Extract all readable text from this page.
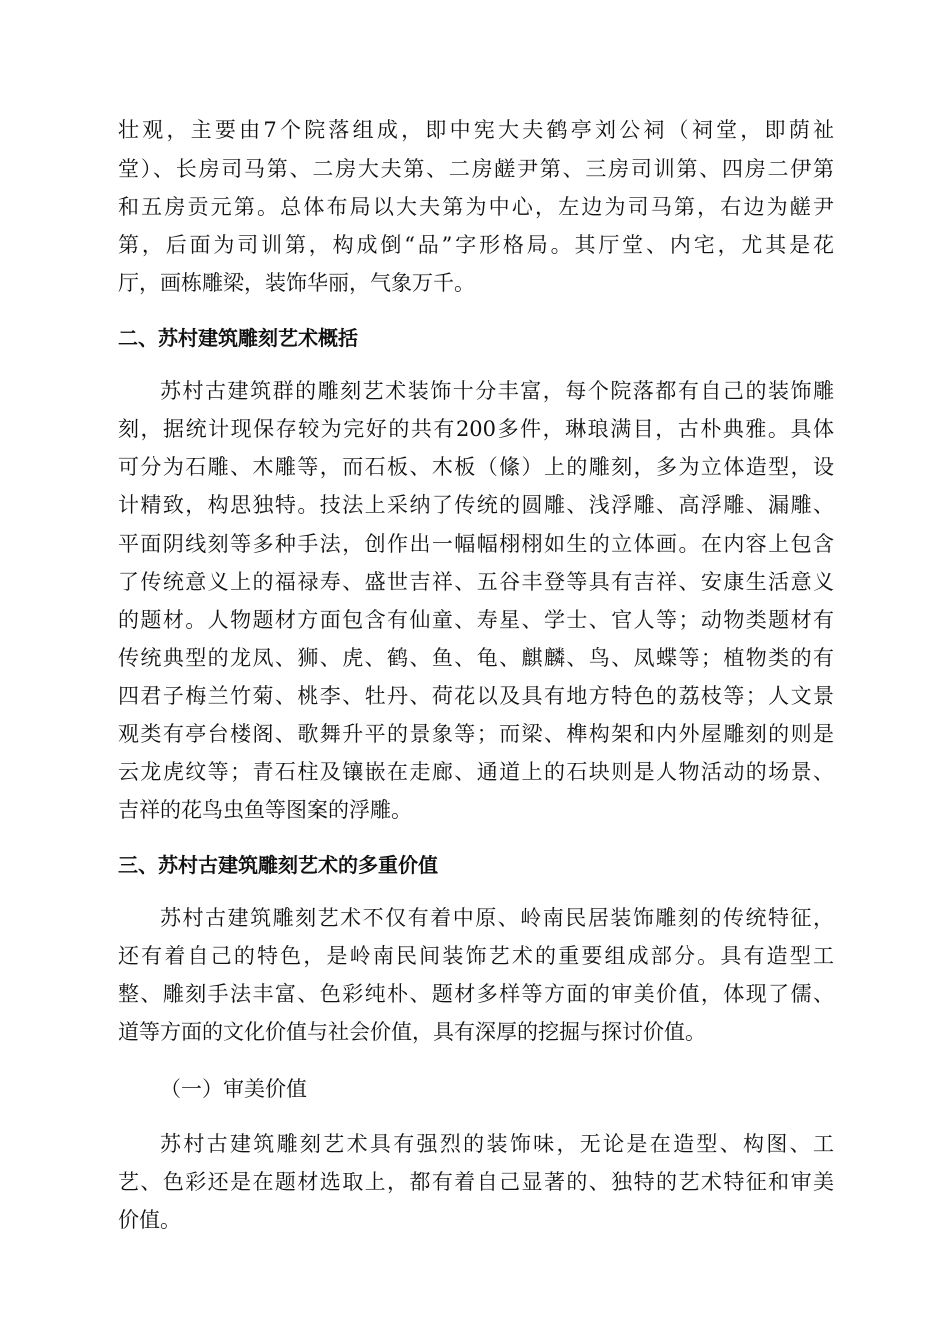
壮观，主要由7个院落组成，即中宪大夫鹤亭刘公祠（祠堂，即荫祉
堂）、长房司马第、二房大夫第、二房鹾尹第、三房司训第、四房二伊第
和五房贡元第。总体布局以大夫第为中心，左边为司马第，右边为鹾尹
第，后面为司训第，构成倒“品”字形格局。其厅堂、内宅，尤其是花
厅，画栋雕梁，装饰华丽，气象万千。
二、苏村建筑雕刻艺术概括
苏村古建筑群的雕刻艺术装饰十分丰富，每个院落都有自己的装饰雕
刻，据统计现保存较为完好的共有200多件，琳琅满目，古朴典雅。具体
可分为石雕、木雕等，而石板、木板（絛）上的雕刻，多为立体造型，设
计精致，构思独特。技法上采纳了传统的圆雕、浅浮雕、高浮雕、漏雕、
平面阴线刻等多种手法，创作出一幅幅栩栩如生的立体画。在内容上包含
了传统意义上的福禄寿、盛世吉祥、五谷丰登等具有吉祥、安康生活意义
的题材。人物题材方面包含有仙童、寿星、学士、官人等；动物类题材有
传统典型的龙凤、狮、虎、鹤、鱼、龟、麒麟、鸟、凤蝶等；植物类的有
四君子梅兰竹菊、桃李、牡丹、荷花以及具有地方特色的荔枝等；人文景
观类有亭台楼阁、歌舞升平的景象等；而梁、榫构架和内外屋雕刻的则是
云龙虎纹等；青石柱及镶嵌在走廊、通道上的石块则是人物活动的场景、
吉祥的花鸟虫鱼等图案的浮雕。
三、苏村古建筑雕刻艺术的多重价值
苏村古建筑雕刻艺术不仅有着中原、岭南民居装饰雕刻的传统特征，
还有着自己的特色，是岭南民间装饰艺术的重要组成部分。具有造型工
整、雕刻手法丰富、色彩纯朴、题材多样等方面的审美价值，体现了儒、
道等方面的文化价值与社会价值，具有深厚的挖掘与探讨价值。
（一）审美价值
苏村古建筑雕刻艺术具有强烈的装饰味，无论是在造型、构图、工
艺、色彩还是在题材选取上，都有着自己显著的、独特的艺术特征和审美
价值。
